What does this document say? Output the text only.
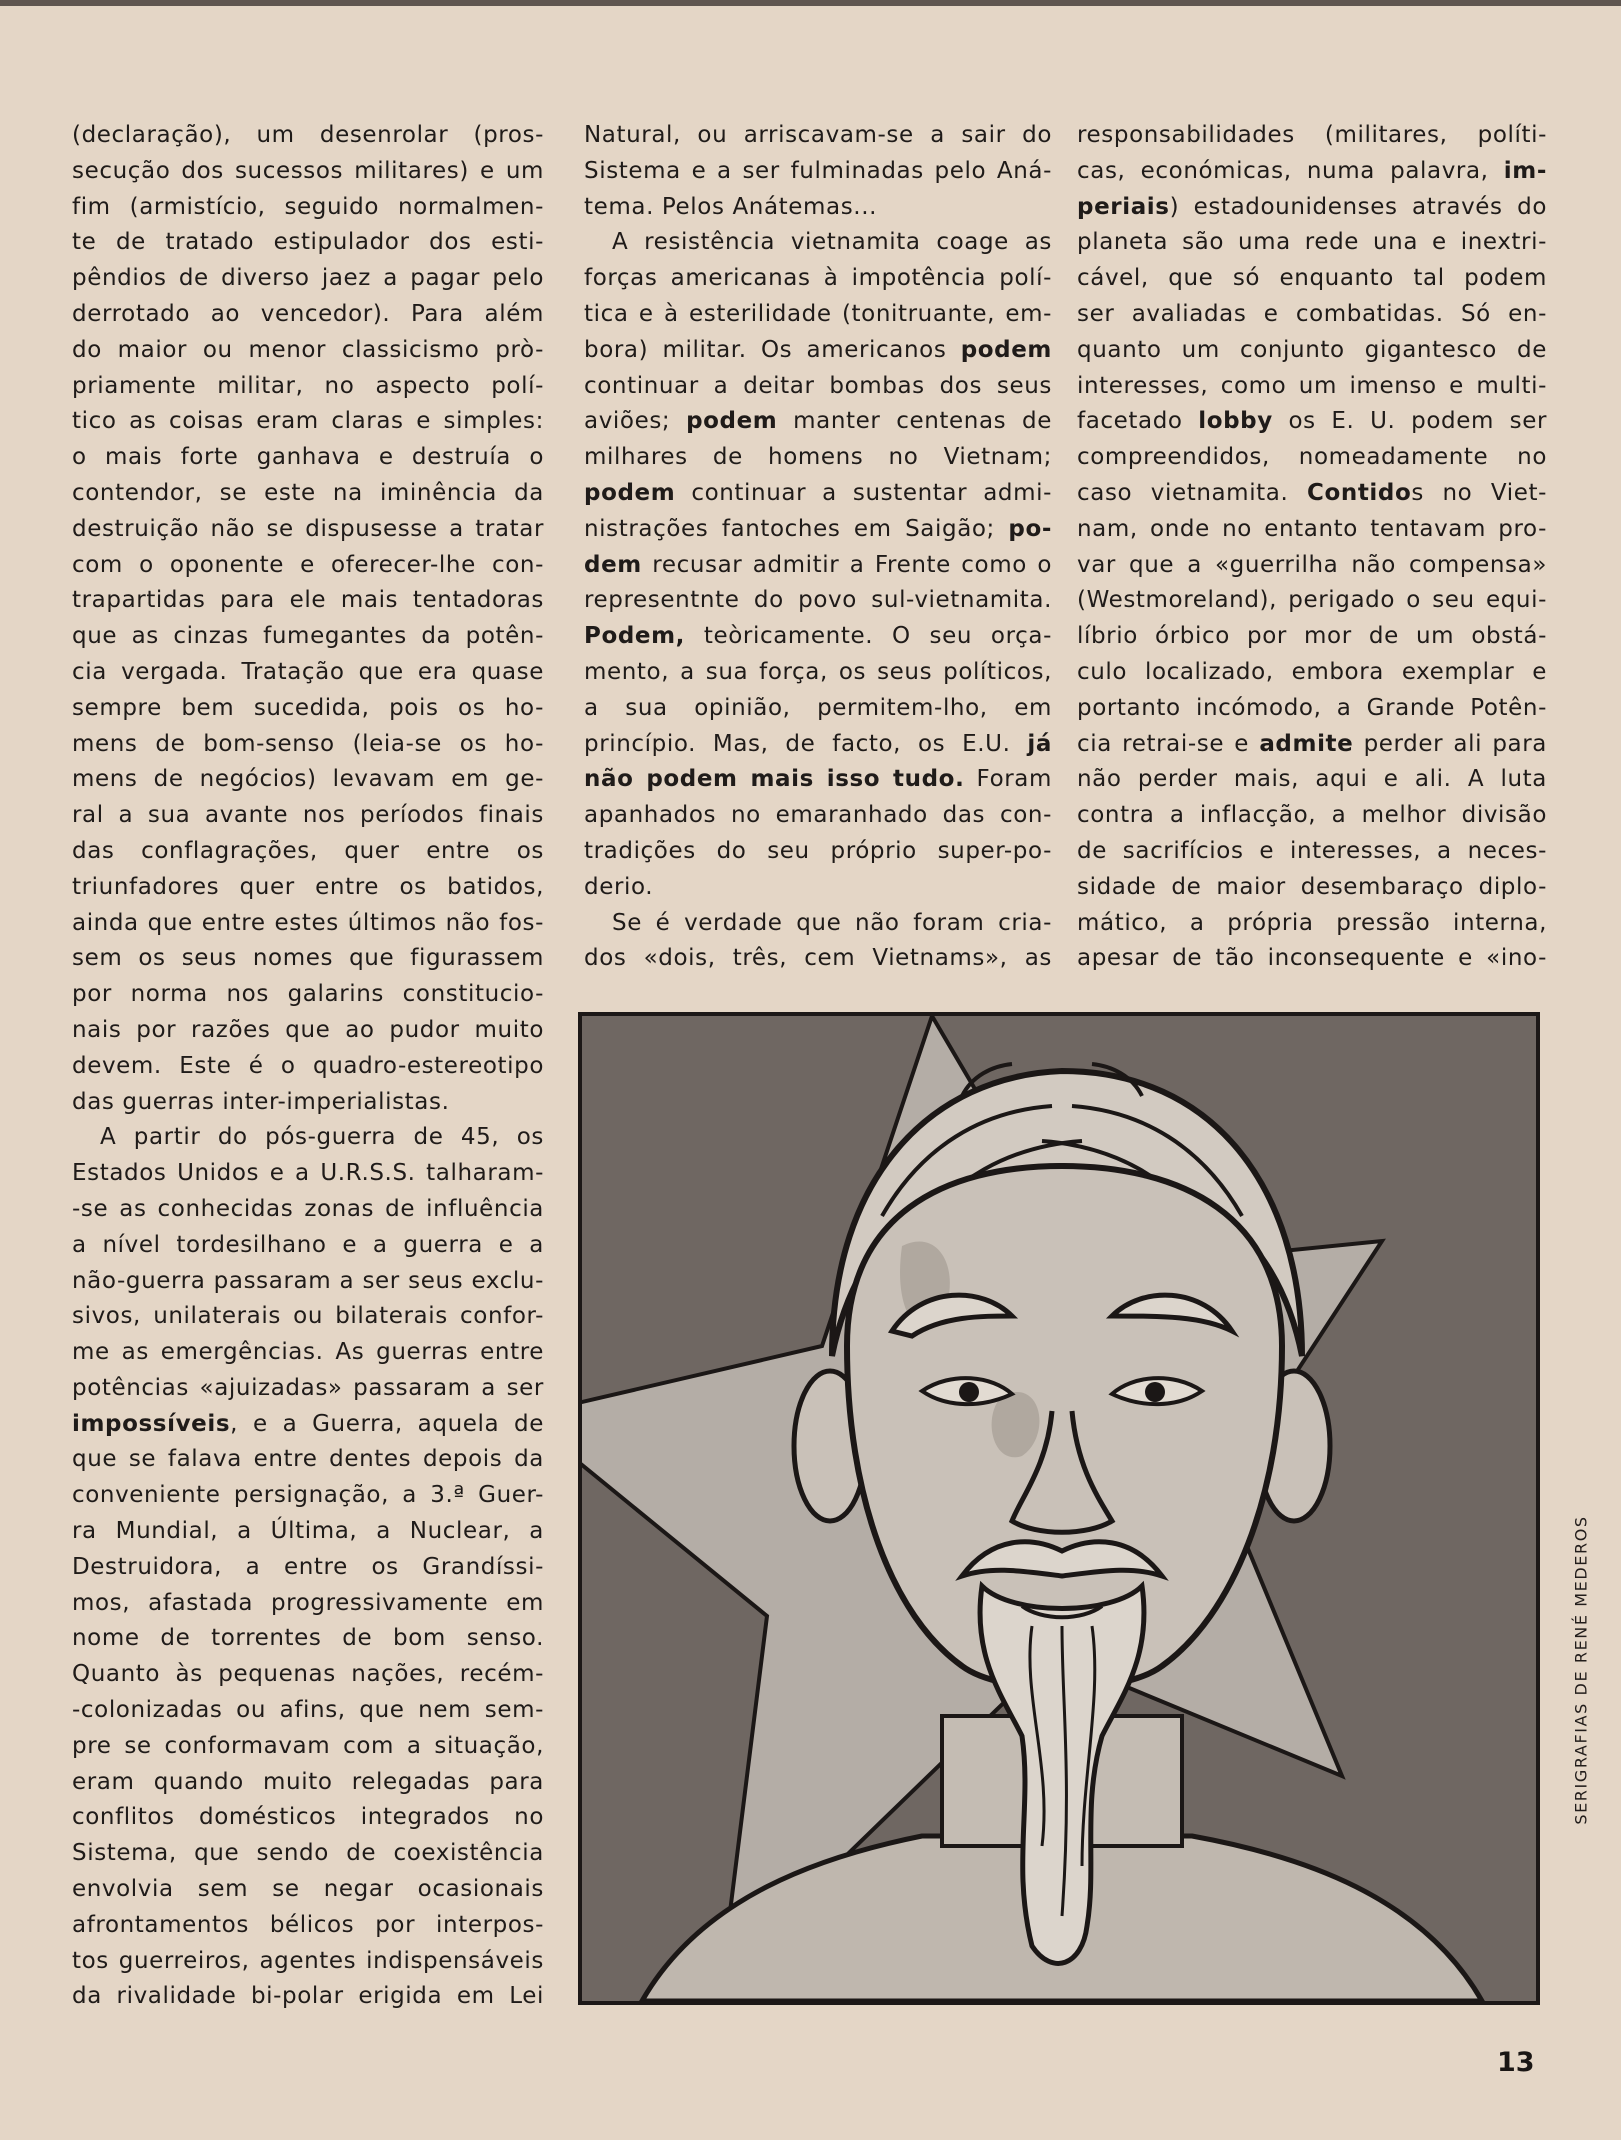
(declaração), um desenrolar (pros-

secução dos sucessos militares) e um

fim (armistício, seguido normalmen-

te de tratado estipulador dos esti-

pêndios de diverso jaez a pagar pelo

derrotado ao vencedor). Para além

do maior ou menor classicismo prò-

priamente militar, no aspecto polí-

tico as coisas eram claras e simples:

o mais forte ganhava e destruía o

contendor, se este na iminência da

destruição não se dispusesse a tratar

com o oponente e oferecer-lhe con-

trapartidas para ele mais tentadoras

que as cinzas fumegantes da potên-

cia vergada. Tratação que era quase

sempre bem sucedida, pois os ho-

mens de bom-senso (leia-se os ho-

mens de negócios) levavam em ge-

ral a sua avante nos períodos finais

das conflagrações, quer entre os

triunfadores quer entre os batidos,

ainda que entre estes últimos não fos-

sem os seus nomes que figurassem

por norma nos galarins constitucio-

nais por razões que ao pudor muito

devem. Este é o quadro-estereotipo

das guerras inter-imperialistas.

A partir do pós-guerra de 45, os

Estados Unidos e a U.R.S.S. talharam-

-se as conhecidas zonas de influência

a nível tordesilhano e a guerra e a

não-guerra passaram a ser seus exclu-

sivos, unilaterais ou bilaterais confor-

me as emergências. As guerras entre

potências «ajuizadas» passaram a ser

impossíveis, e a Guerra, aquela de

que se falava entre dentes depois da

conveniente persignação, a 3.ª Guer-

ra Mundial, a Última, a Nuclear, a

Destruidora, a entre os Grandíssi-

mos, afastada progressivamente em

nome de torrentes de bom senso.

Quanto às pequenas nações, recém-

-colonizadas ou afins, que nem sem-

pre se conformavam com a situação,

eram quando muito relegadas para

conflitos domésticos integrados no

Sistema, que sendo de coexistência

envolvia sem se negar ocasionais

afrontamentos bélicos por interpos-

tos guerreiros, agentes indispensáveis

da rivalidade bi-polar erigida em Lei

Natural, ou arriscavam-se a sair do

Sistema e a ser fulminadas pelo Aná-

tema. Pelos Anátemas...

A resistência vietnamita coage as

forças americanas à impotência polí-

tica e à esterilidade (tonitruante, em-

bora) militar. Os americanos podem

continuar a deitar bombas dos seus

aviões; podem manter centenas de

milhares de homens no Vietnam;

podem continuar a sustentar admi-

nistrações fantoches em Saigão; po-

dem recusar admitir a Frente como o

representnte do povo sul-vietnamita.

Podem, teòricamente. O seu orça-

mento, a sua força, os seus políticos,

a sua opinião, permitem-lho, em

princípio. Mas, de facto, os E.U. já

não podem mais isso tudo. Foram

apanhados no emaranhado das con-

tradições do seu próprio super-po-

derio.

Se é verdade que não foram cria-

dos «dois, três, cem Vietnams», as

responsabilidades (militares, políti-

cas, económicas, numa palavra, im-

periais) estadounidenses através do

planeta são uma rede una e inextri-

cável, que só enquanto tal podem

ser avaliadas e combatidas. Só en-

quanto um conjunto gigantesco de

interesses, como um imenso e multi-

facetado lobby os E. U. podem ser

compreendidos, nomeadamente no

caso vietnamita. Contidos no Viet-

nam, onde no entanto tentavam pro-

var que a «guerrilha não compensa»

(Westmoreland), perigado o seu equi-

líbrio órbico por mor de um obstá-

culo localizado, embora exemplar e

portanto incómodo, a Grande Potên-

cia retrai-se e admite perder ali para

não perder mais, aqui e ali. A luta

contra a inflacção, a melhor divisão

de sacrifícios e interesses, a neces-

sidade de maior desembaraço diplo-

mático, a própria pressão interna,

apesar de tão inconsequente e «ino-

SERIGRAFIAS DE RENÉ MEDEROS
13
